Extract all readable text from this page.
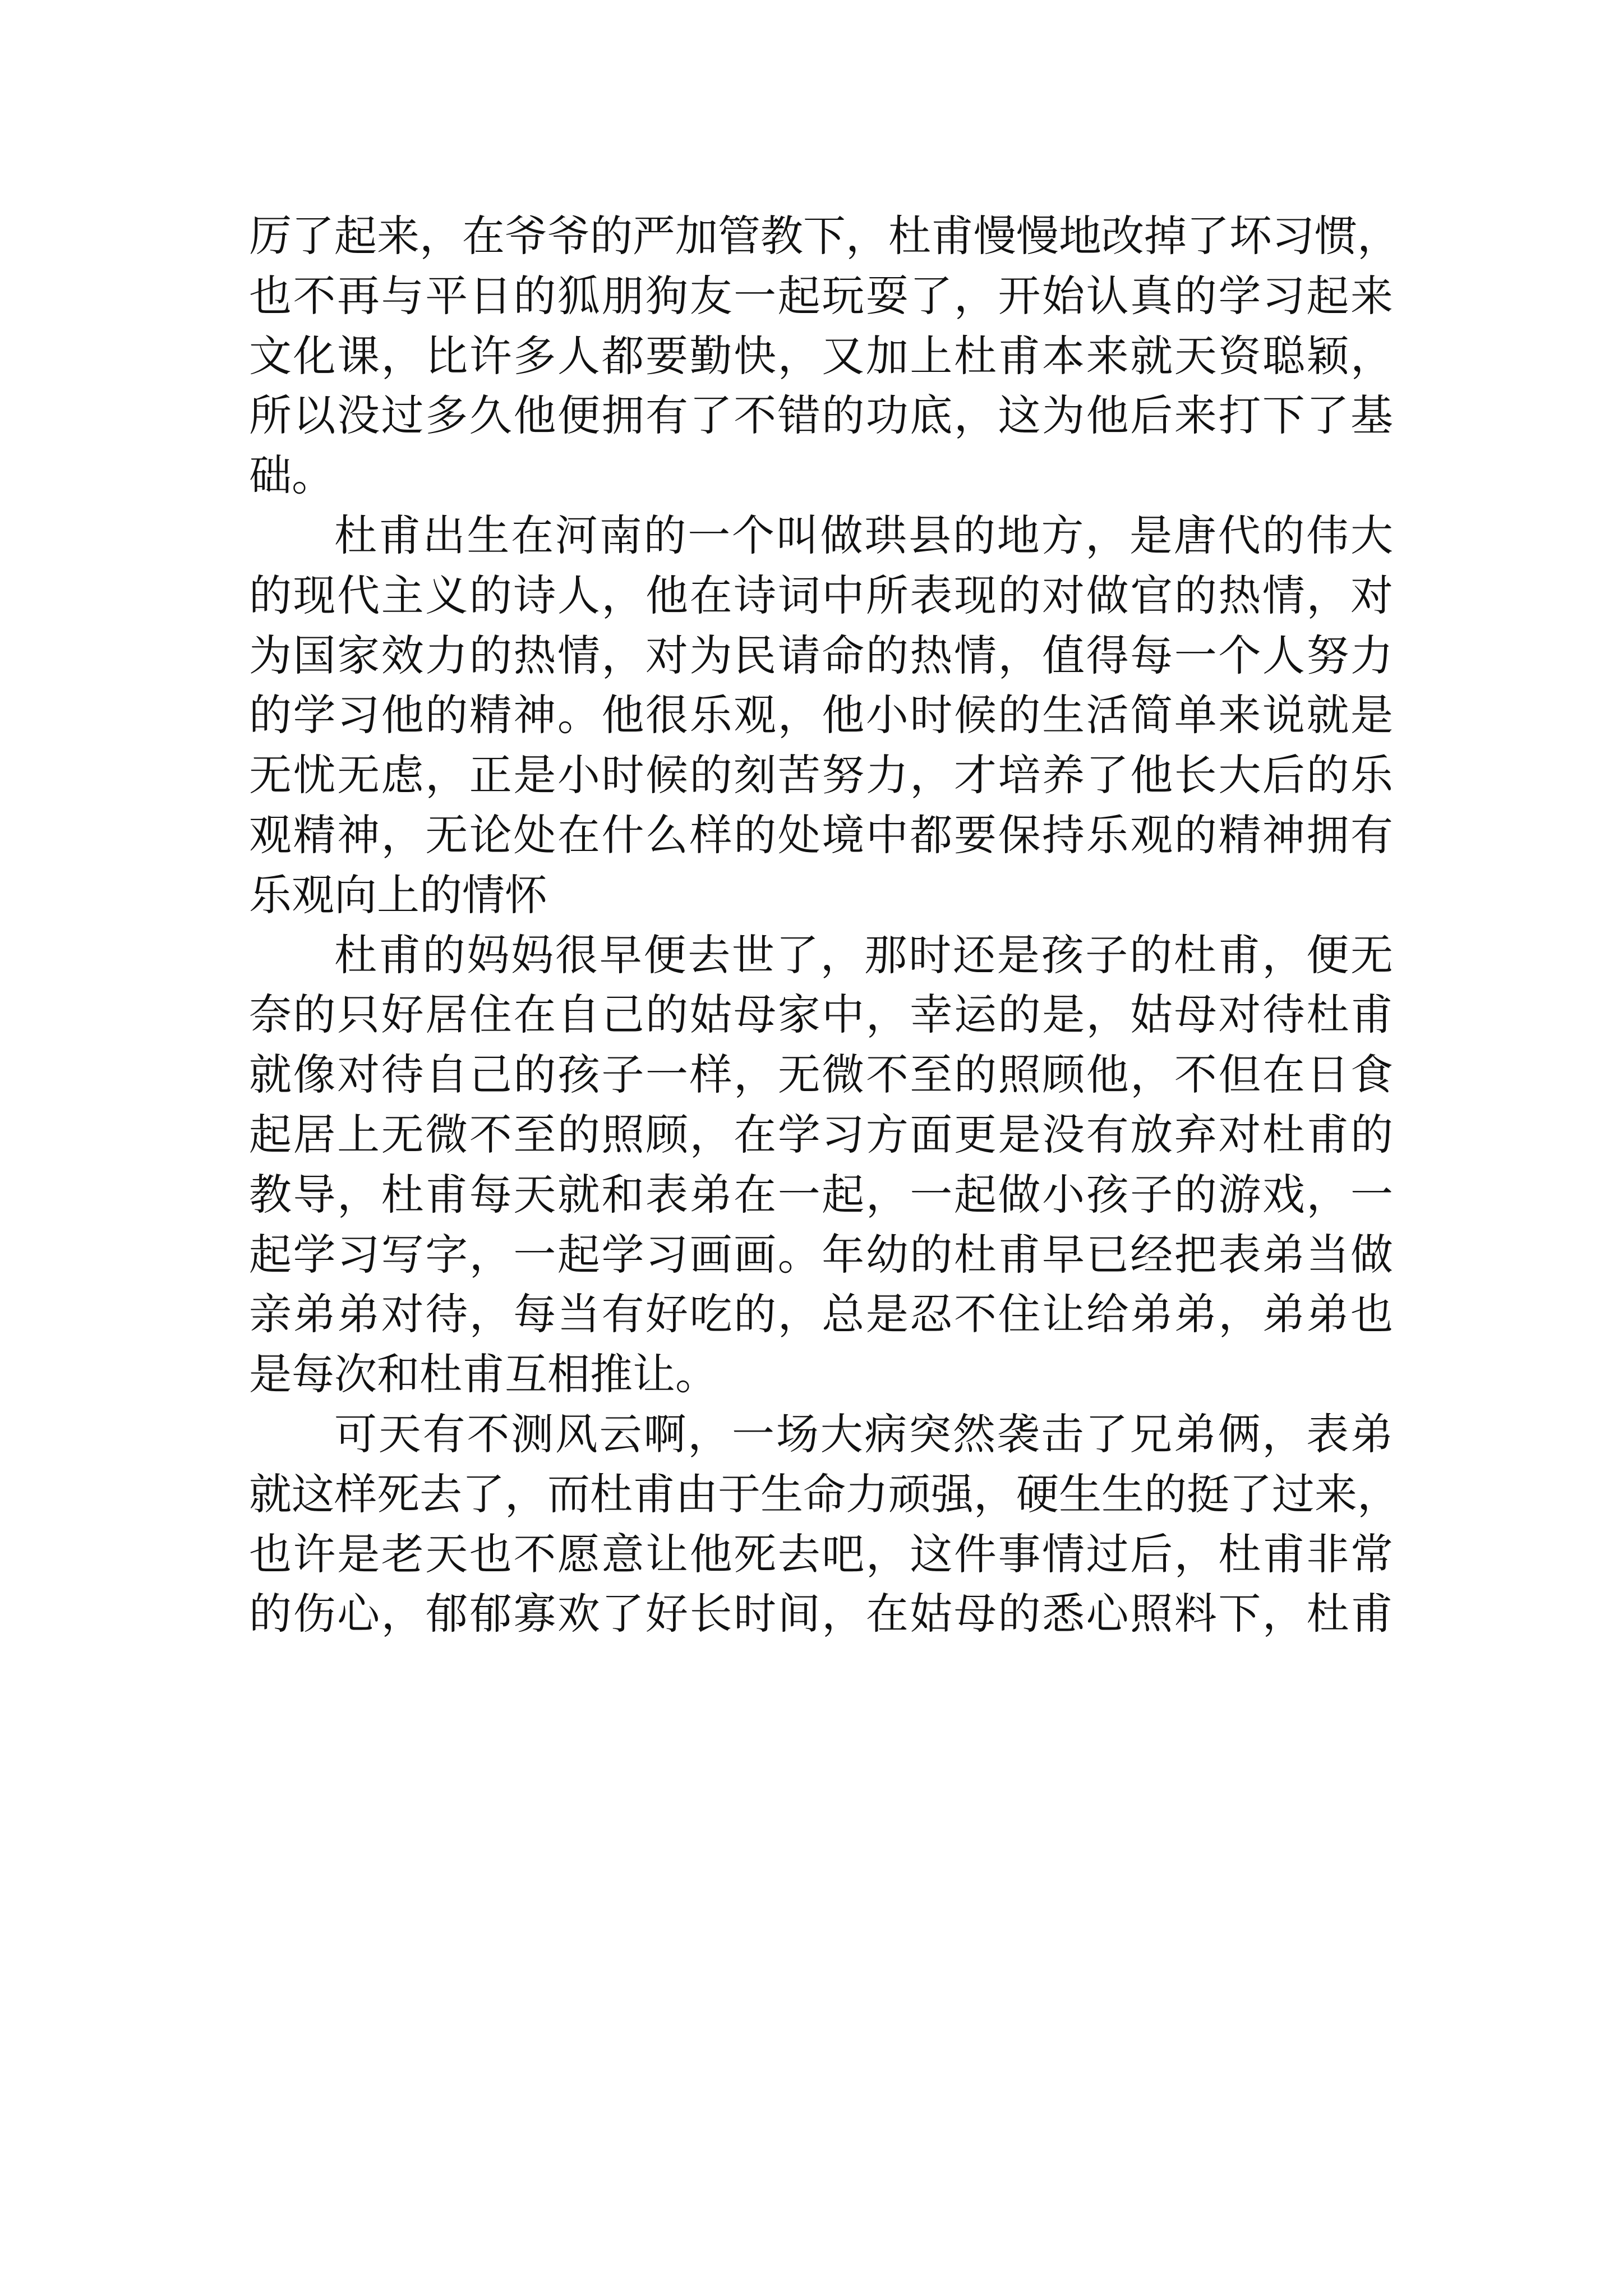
厉了起来，在爷爷的严加管教下，杜甫慢慢地改掉了坏习惯，
也不再与平日的狐朋狗友一起玩耍了，开始认真的学习起来
文化课，比许多人都要勤快，又加上杜甫本来就天资聪颖，
所以没过多久他便拥有了不错的功底，这为他后来打下了基
础。
杜甫出生在河南的一个叫做珙县的地方，是唐代的伟大
的现代主义的诗人，他在诗词中所表现的对做官的热情，对
为国家效力的热情，对为民请命的热情，值得每一个人努力
的学习他的精神。他很乐观，他小时候的生活简单来说就是
无忧无虑，正是小时候的刻苦努力，才培养了他长大后的乐
观精神，无论处在什么样的处境中都要保持乐观的精神拥有
乐观向上的情怀
杜甫的妈妈很早便去世了，那时还是孩子的杜甫，便无
奈的只好居住在自己的姑母家中，幸运的是，姑母对待杜甫
就像对待自己的孩子一样，无微不至的照顾他，不但在日食
起居上无微不至的照顾，在学习方面更是没有放弃对杜甫的
教导，杜甫每天就和表弟在一起，一起做小孩子的游戏，一
起学习写字，一起学习画画。年幼的杜甫早已经把表弟当做
亲弟弟对待，每当有好吃的，总是忍不住让给弟弟，弟弟也
是每次和杜甫互相推让。
可天有不测风云啊，一场大病突然袭击了兄弟俩，表弟
就这样死去了，而杜甫由于生命力顽强，硬生生的挺了过来，
也许是老天也不愿意让他死去吧，这件事情过后，杜甫非常
的伤心，郁郁寡欢了好长时间，在姑母的悉心照料下，杜甫
